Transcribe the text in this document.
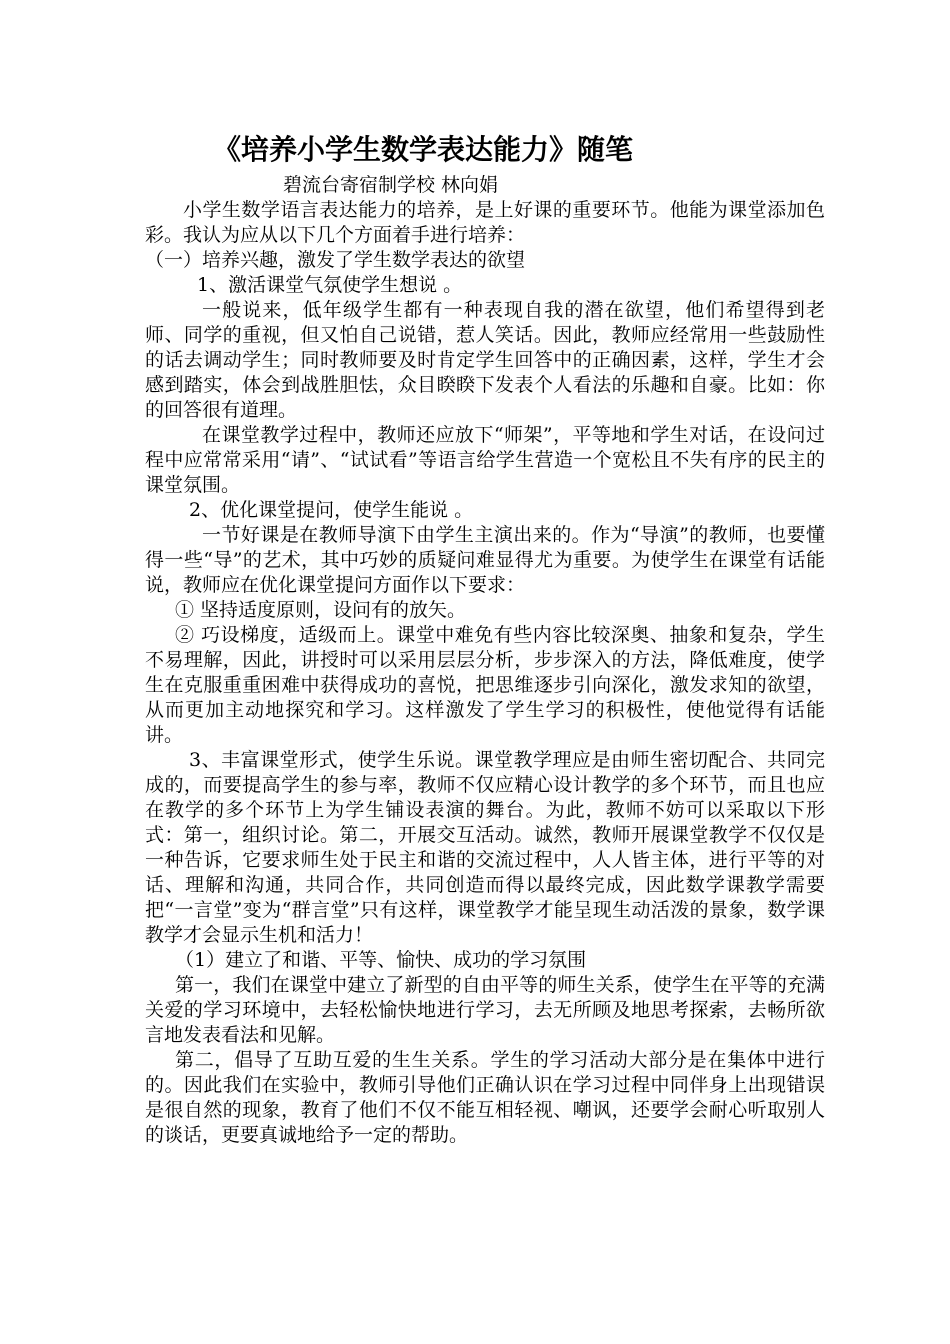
《培养小学生数学表达能力》随笔
碧流台寄宿制学校 林向娟

小学生数学语言表达能力的培养，是上好课的重要环节。他能为课堂添加色彩。我认为应从以下几个方面着手进行培养：

（一）培养兴趣，激发了学生数学表达的欲望

1、激活课堂气氛使学生想说 。

一般说来，低年级学生都有一种表现自我的潜在欲望，他们希望得到老师、同学的重视，但又怕自己说错，惹人笑话。因此，教师应经常用一些鼓励性的话去调动学生；同时教师要及时肯定学生回答中的正确因素，这样，学生才会感到踏实，体会到战胜胆怯，众目睽睽下发表个人看法的乐趣和自豪。比如：你的回答很有道理。

在课堂教学过程中，教师还应放下“师架”，平等地和学生对话，在设问过程中应常常采用“请”、“试试看”等语言给学生营造一个宽松且不失有序的民主的课堂氛围。

2、优化课堂提问，使学生能说 。

一节好课是在教师导演下由学生主演出来的。作为“导演”的教师，也要懂得一些“导”的艺术，其中巧妙的质疑问难显得尤为重要。为使学生在课堂有话能说，教师应在优化课堂提问方面作以下要求：

① 坚持适度原则，设问有的放矢。

② 巧设梯度，适级而上。课堂中难免有些内容比较深奥、抽象和复杂，学生不易理解，因此，讲授时可以采用层层分析，步步深入的方法，降低难度，使学生在克服重重困难中获得成功的喜悦，把思维逐步引向深化，激发求知的欲望，从而更加主动地探究和学习。这样激发了学生学习的积极性，使他觉得有话能讲。

3、丰富课堂形式，使学生乐说。课堂教学理应是由师生密切配合、共同完成的，而要提高学生的参与率，教师不仅应精心设计教学的多个环节，而且也应在教学的多个环节上为学生铺设表演的舞台。为此，教师不妨可以采取以下形式：第一，组织讨论。第二，开展交互活动。诚然，教师开展课堂教学不仅仅是一种告诉，它要求师生处于民主和谐的交流过程中，人人皆主体，进行平等的对话、理解和沟通，共同合作，共同创造而得以最终完成，因此数学课教学需要把“一言堂”变为“群言堂”只有这样，课堂教学才能呈现生动活泼的景象，数学课教学才会显示生机和活力！

（1）建立了和谐、平等、愉快、成功的学习氛围

第一，我们在课堂中建立了新型的自由平等的师生关系，使学生在平等的充满关爱的学习环境中，去轻松愉快地进行学习，去无所顾及地思考探索，去畅所欲言地发表看法和见解。

第二，倡导了互助互爱的生生关系。学生的学习活动大部分是在集体中进行的。因此我们在实验中，教师引导他们正确认识在学习过程中同伴身上出现错误是很自然的现象，教育了他们不仅不能互相轻视、嘲讽，还要学会耐心听取别人的谈话，更要真诚地给予一定的帮助。
